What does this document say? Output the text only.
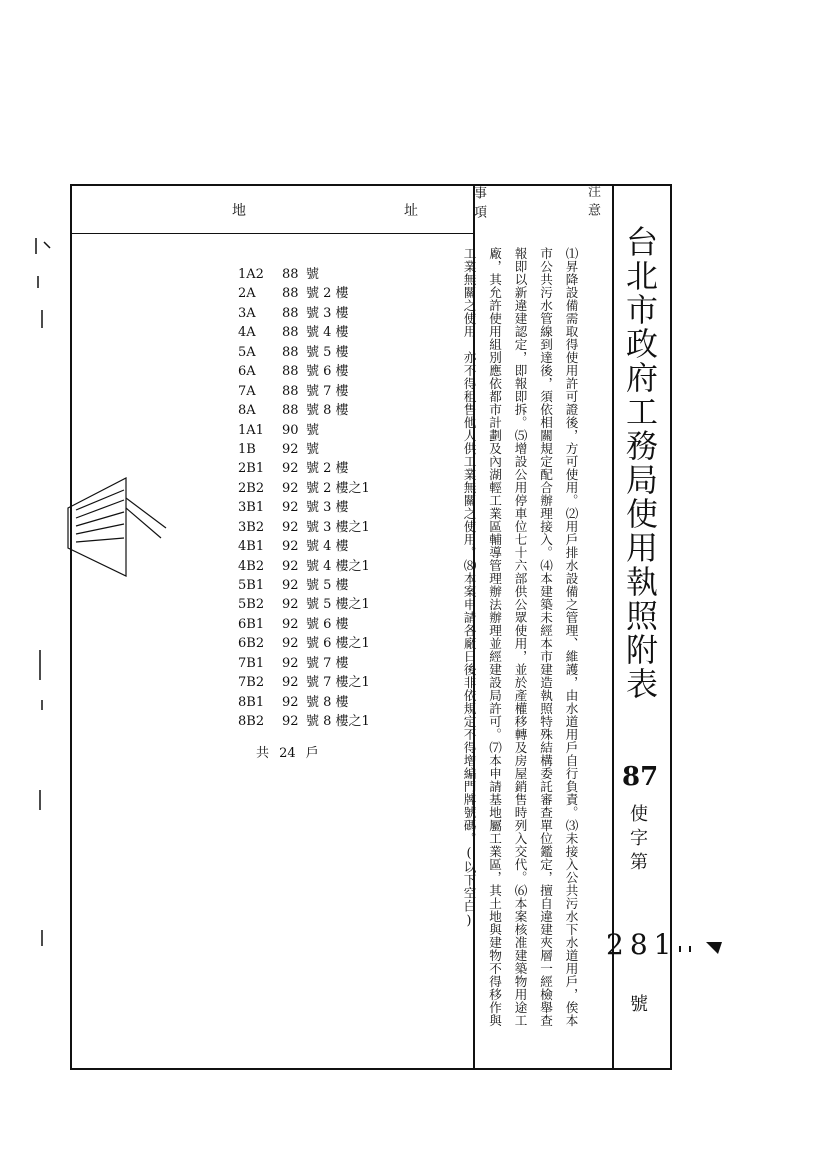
台北市政府工務局使用執照附表
87
使字第
281
號
地	址	事項	注意
⑴昇降設備需取得使用許可證後，方可使用。⑵用戶排水設備之管理、維護，由水道用戶自行負責。⑶未接入公共污水下水道用戶，俟本市公共污水管線到達後，須依相關規定配合辦理接入。⑷本建築未經本市建造執照特殊結構委託審查單位鑑定，擅自違建夾層一經檢舉查報即以新違建認定，即報即拆。⑸增設公用停車位七十六部供公眾使用，並於產權移轉及房屋銷售時列入交代。⑹本案核准建築物用途工廠，其允許使用組別應依都市計劃及內湖輕工業區輔導管理辦法辦理並經建設局許可。⑺本申請基地屬工業區，其土地與建物不得移作與工業無關之使用，亦不得租售他人供工業無關之使用。⑻本案申請各廠日後非依規定不得增編門牌號碼。(以下空白)
1A2 88 號
2A 88 號 2 樓
3A 88 號 3 樓
4A 88 號 4 樓
5A 88 號 5 樓
6A 88 號 6 樓
7A 88 號 7 樓
8A 88 號 8 樓
1A1 90 號
1B 92 號
2B1 92 號 2 樓
2B2 92 號 2 樓之1
3B1 92 號 3 樓
3B2 92 號 3 樓之1
4B1 92 號 4 樓
4B2 92 號 4 樓之1
5B1 92 號 5 樓
5B2 92 號 5 樓之1
6B1 92 號 6 樓
6B2 92 號 6 樓之1
7B1 92 號 7 樓
7B2 92 號 7 樓之1
8B1 92 號 8 樓
8B2 92 號 8 樓之1
共 24 戶
